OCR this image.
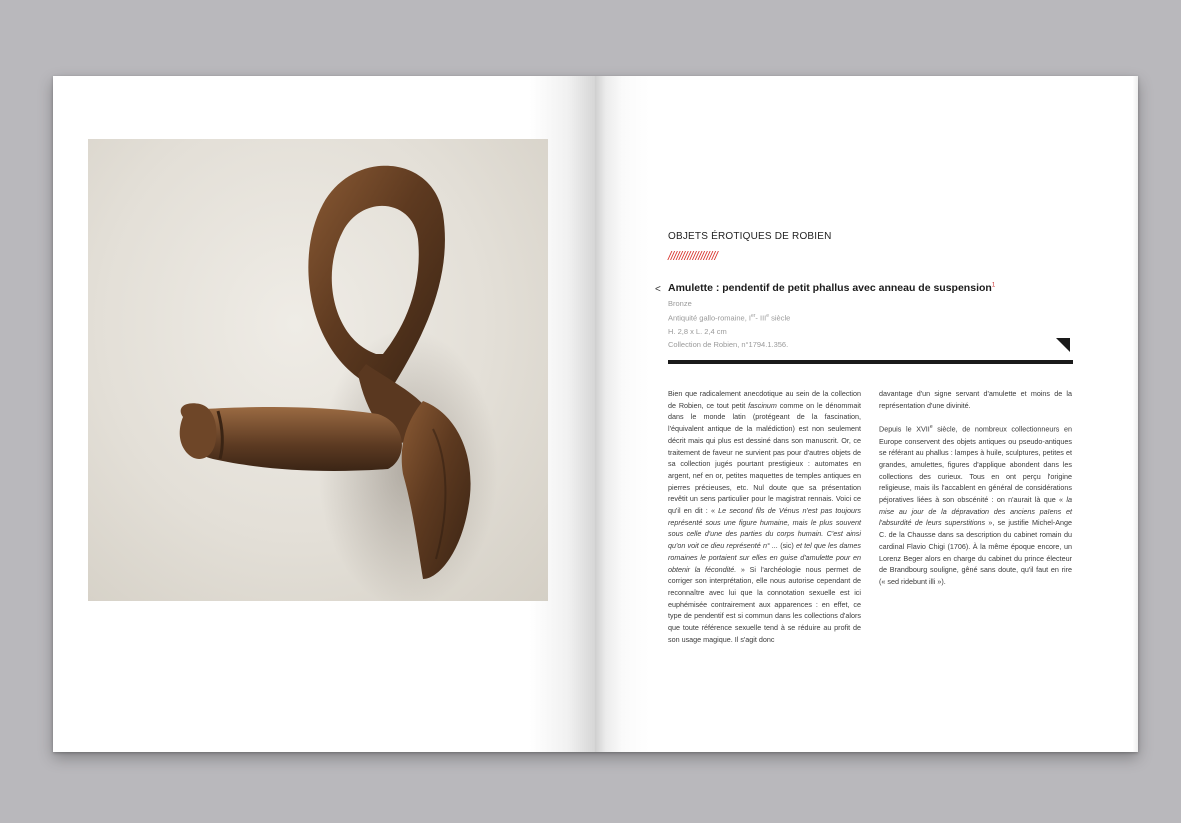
OBJETS ÉROTIQUES DE ROBIEN
//////////////////
< Amulette : pendentif de petit phallus avec anneau de suspension$^1$
Bronze
Antiquité gallo-romaine, Ier- IIIe siècle
H. 2,8 x L. 2,4 cm
Collection de Robien, n°1794.1.356.

Bien que radicalement anecdotique au sein de la collection de Robien, ce tout petit fascinum comme on le dénommait dans le monde latin (protégeant de la fascination, l'équivalent antique de la malédiction) est non seulement décrit mais qui plus est dessiné dans son manuscrit. Or, ce traitement de faveur ne survient pas pour d'autres objets de sa collection jugés pourtant prestigieux : automates en argent, nef en or, petites maquettes de temples antiques en pierres précieuses, etc. Nul doute que sa présentation revêtit un sens particulier pour le magistrat rennais. Voici ce qu'il en dit : « Le second fils de Vénus n'est pas toujours représenté sous une figure humaine, mais le plus souvent sous celle d'une des parties du corps humain. C'est ainsi qu'on voit ce dieu représenté n° ... (sic) et tel que les dames romaines le portaient sur elles en guise d'amulette pour en obtenir la fécondité. » Si l'archéologie nous permet de corriger son interprétation, elle nous autorise cependant de reconnaître avec lui que la connotation sexuelle est ici euphémisée contrairement aux apparences : en effet, ce type de pendentif est si commun dans les collections d'alors que toute référence sexuelle tend à se réduire au profit de son usage magique. Il s'agit donc

davantage d'un signe servant d'amulette et moins de la représentation d'une divinité.

Depuis le XVIIe siècle, de nombreux collectionneurs en Europe conservent des objets antiques ou pseudo-antiques se référant au phallus : lampes à huile, sculptures, petites et grandes, amulettes, figures d'applique abondent dans les collections des curieux. Tous en ont perçu l'origine religieuse, mais ils l'accablent en général de considérations péjoratives liées à son obscénité : on n'aurait là que « la mise au jour de la dépravation des anciens païens et l'absurdité de leurs superstitions », se justifie Michel-Ange C. de la Chausse dans sa description du cabinet romain du cardinal Flavio Chigi (1706). À la même époque encore, un Lorenz Beger alors en charge du cabinet du prince électeur de Brandbourg souligne, gêné sans doute, qu'il faut en rire (« sed ridebunt illi »).
